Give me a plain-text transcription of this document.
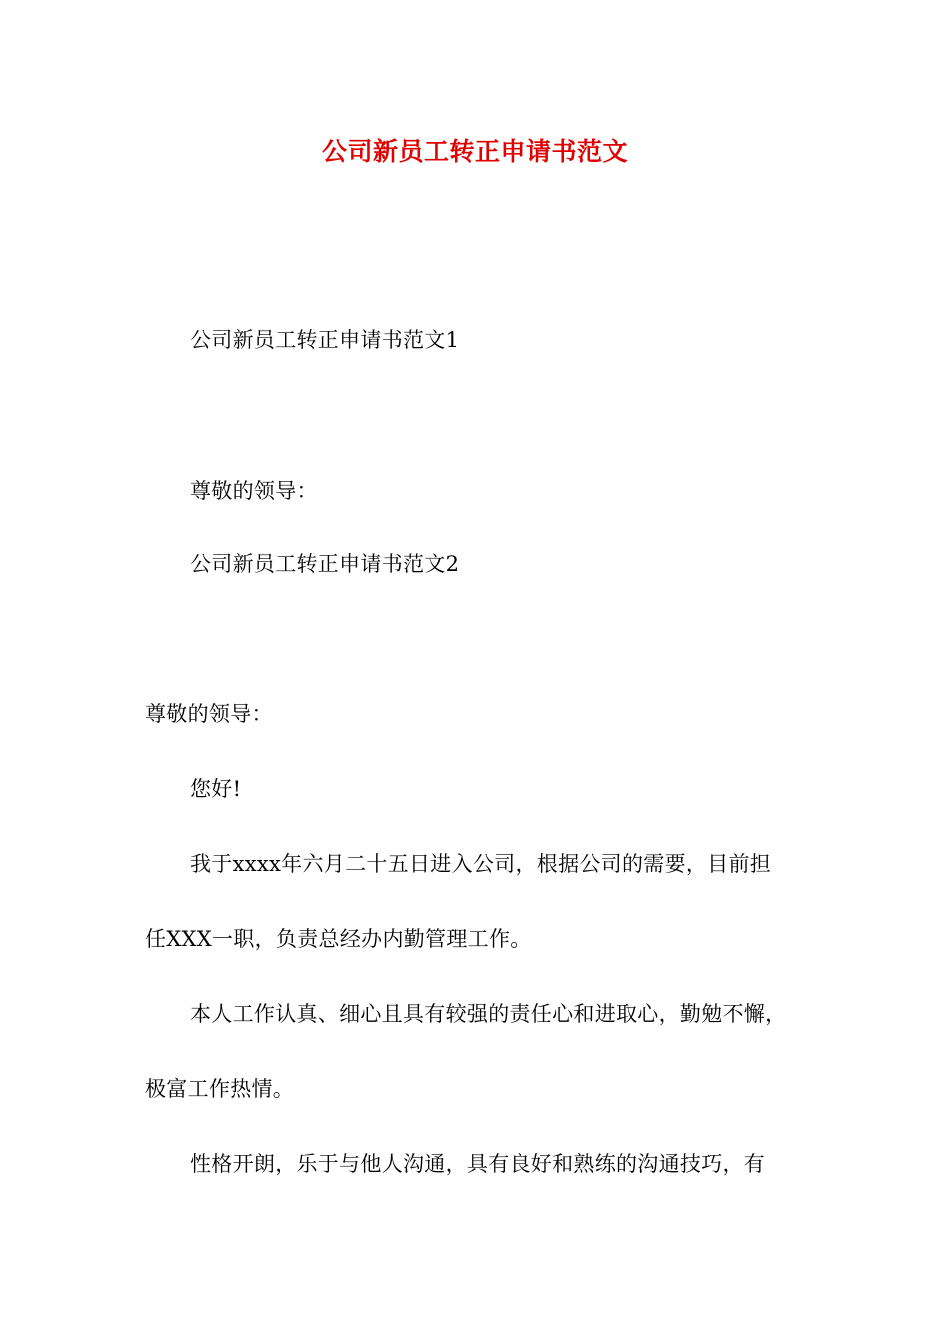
公司新员工转正申请书范文
公司新员工转正申请书范文1
尊敬的领导：
公司新员工转正申请书范文2
尊敬的领导：
您好!
我于xxxx年六月二十五日进入公司，根据公司的需要，目前担
任XXX一职，负责总经办内勤管理工作。
本人工作认真、细心且具有较强的责任心和进取心，勤勉不懈，
极富工作热情。
性格开朗，乐于与他人沟通，具有良好和熟练的沟通技巧，有
